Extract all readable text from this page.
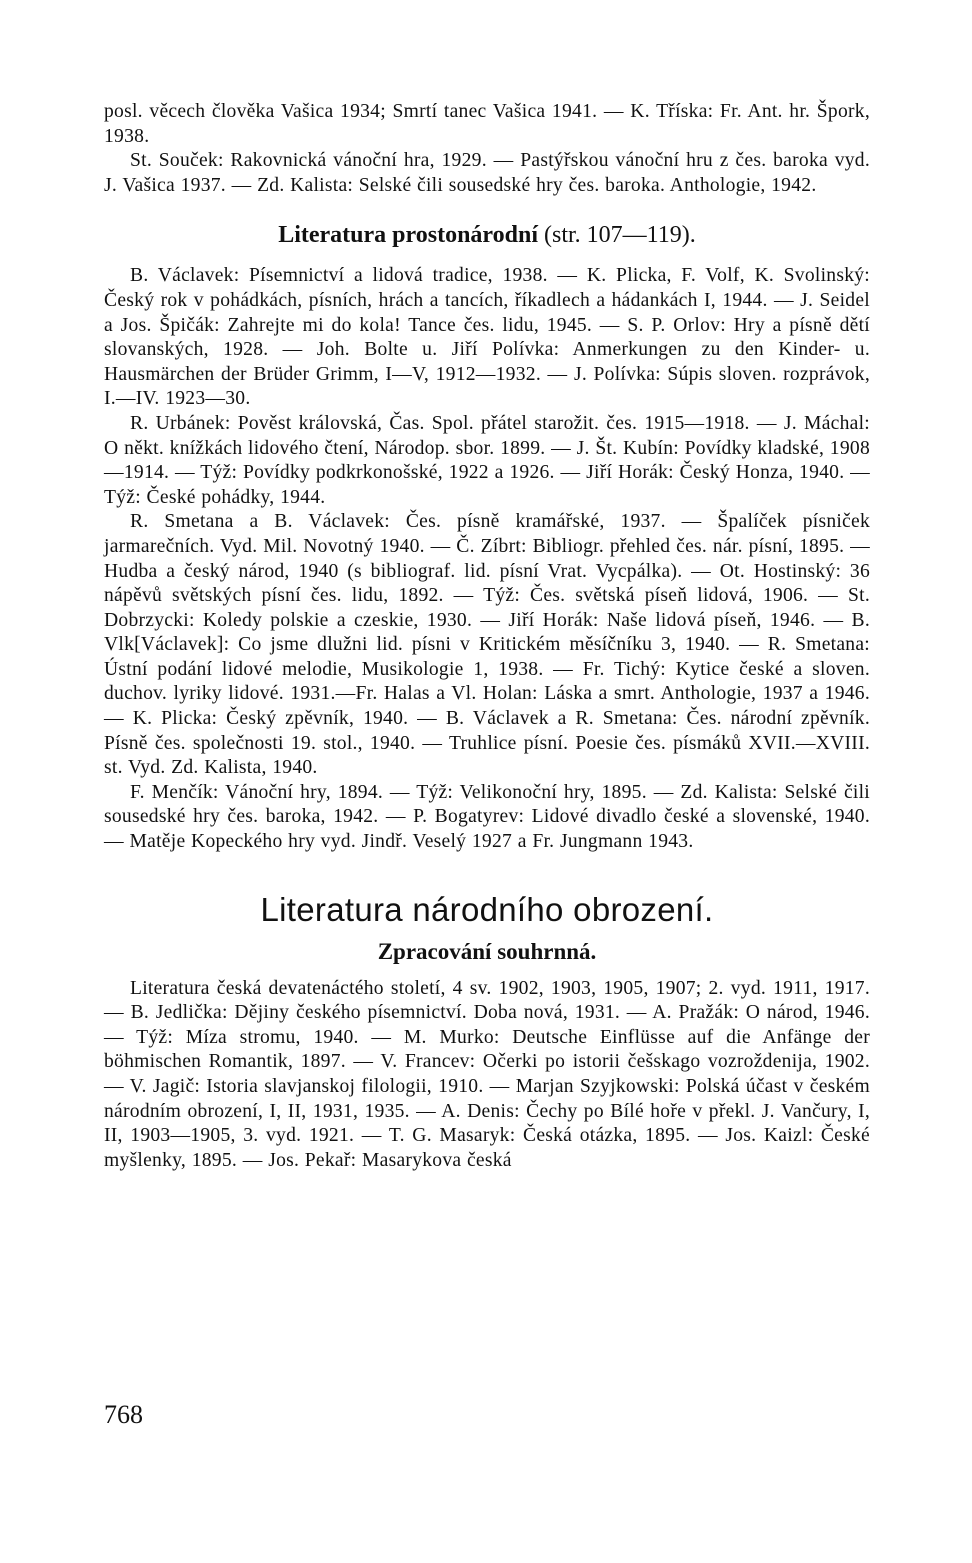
posl. věcech člověka Vašica 1934; Smrtí tanec Vašica 1941. — K. Tříska: Fr. Ant. hr. Špork, 1938.

St. Souček: Rakovnická vánoční hra, 1929. — Pastýřskou vánoční hru z čes. baroka vyd. J. Vašica 1937. — Zd. Kalista: Selské čili sousedské hry čes. baroka. Anthologie, 1942.

Literatura prostonárodní (str. 107—119).

B. Václavek: Písemnictví a lidová tradice, 1938. — K. Plicka, F. Volf, K. Svolinský: Český rok v pohádkách, písních, hrách a tancích, říkadlech a hádankách I, 1944. — J. Seidel a Jos. Špičák: Zahrejte mi do kola! Tance čes. lidu, 1945. — S. P. Orlov: Hry a písně dětí slovanských, 1928. — Joh. Bolte u. Jiří Polívka: Anmerkungen zu den Kinder- u. Hausmärchen der Brüder Grimm, I—V, 1912—1932. — J. Polívka: Súpis sloven. rozprávok, I.—IV. 1923—30.

R. Urbánek: Pověst královská, Čas. Spol. přátel starožit. čes. 1915—1918. — J. Máchal: O někt. knížkách lidového čtení, Národop. sbor. 1899. — J. Št. Kubín: Povídky kladské, 1908—1914. — Týž: Povídky podkrkonošské, 1922 a 1926. — Jiří Horák: Český Honza, 1940. — Týž: České pohádky, 1944.

R. Smetana a B. Václavek: Čes. písně kramářské, 1937. — Špalíček písniček jarmarečních. Vyd. Mil. Novotný 1940. — Č. Zíbrt: Bibliogr. přehled čes. nár. písní, 1895. — Hudba a český národ, 1940 (s bibliograf. lid. písní Vrat. Vycpálka). — Ot. Hostinský: 36 nápěvů světských písní čes. lidu, 1892. — Týž: Čes. světská píseň lidová, 1906. — St. Dobrzycki: Koledy polskie a czeskie, 1930. — Jiří Horák: Naše lidová píseň, 1946. — B. Vlk[Václavek]: Co jsme dlužni lid. písni v Kritickém měsíčníku 3, 1940. — R. Smetana: Ústní podání lidové melodie, Musikologie 1, 1938. — Fr. Tichý: Kytice české a sloven. duchov. lyriky lidové. 1931.—Fr. Halas a Vl. Holan: Láska a smrt. Anthologie, 1937 a 1946. — K. Plicka: Český zpěvník, 1940. — B. Václavek a R. Smetana: Čes. národní zpěvník. Písně čes. společnosti 19. stol., 1940. — Truhlice písní. Poesie čes. písmáků XVII.—XVIII. st. Vyd. Zd. Kalista, 1940.

F. Menčík: Vánoční hry, 1894. — Týž: Velikonoční hry, 1895. — Zd. Kalista: Selské čili sousedské hry čes. baroka, 1942. — P. Bogatyrev: Lidové divadlo české a slovenské, 1940. — Matěje Kopeckého hry vyd. Jindř. Veselý 1927 a Fr. Jungmann 1943.

Literatura národního obrození.
Zpracování souhrnná.

Literatura česká devatenáctého století, 4 sv. 1902, 1903, 1905, 1907; 2. vyd. 1911, 1917. — B. Jedlička: Dějiny českého písemnictví. Doba nová, 1931. — A. Pražák: O národ, 1946. — Týž: Míza stromu, 1940. — M. Murko: Deutsche Einflüsse auf die Anfänge der böhmischen Romantik, 1897. — V. Francev: Očerki po istorii češskago vozroždenija, 1902. — V. Jagič: Istoria slavjanskoj filologii, 1910. — Marjan Szyjkowski: Polská účast v českém národním obrození, I, II, 1931, 1935. — A. Denis: Čechy po Bílé hoře v překl. J. Vančury, I, II, 1903—1905, 3. vyd. 1921. — T. G. Masaryk: Česká otázka, 1895. — Jos. Kaizl: České myšlenky, 1895. — Jos. Pekař: Masarykova česká

768
